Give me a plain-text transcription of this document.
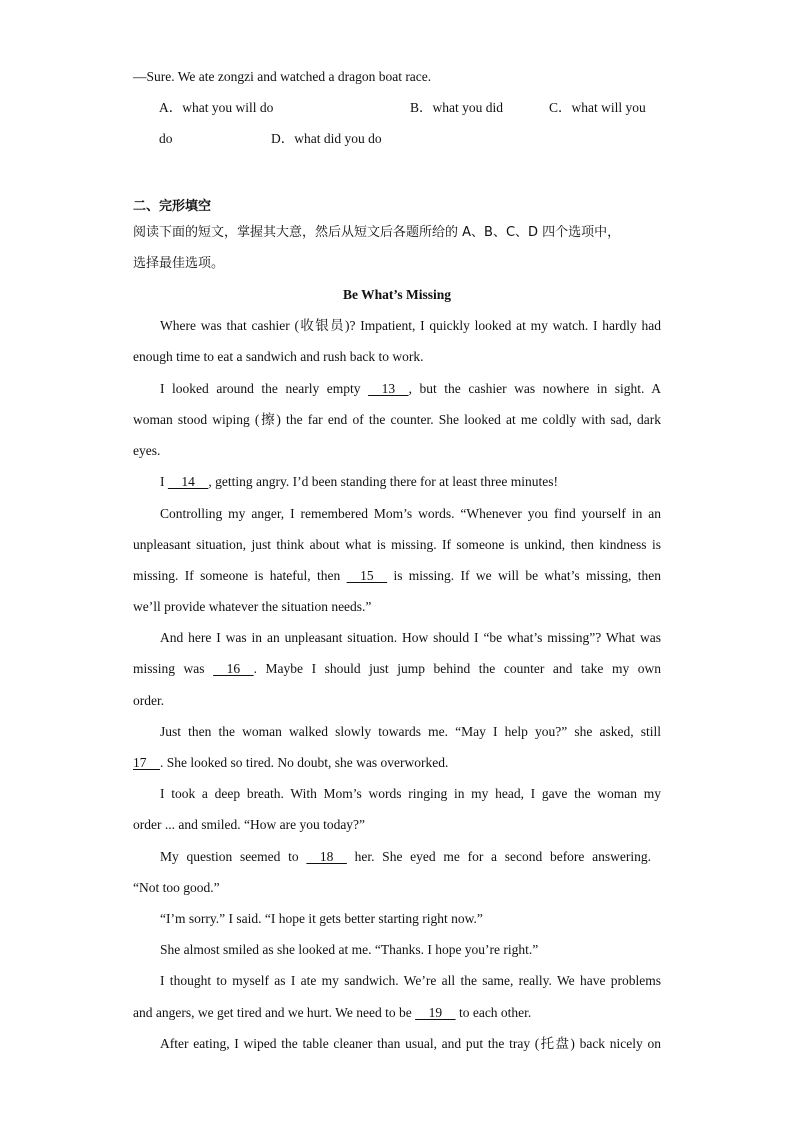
—Sure. We ate zongzi and watched a dragon boat race.
A．what you will do	B．what you did	C．what will you
do	D．what did you do
二、完形填空
阅读下面的短文，掌握其大意，然后从短文后各题所给的 A、B、C、D 四个选项中，
选择最佳选项。
Be What’s Missing
Where was that cashier (收银员)? Impatient, I quickly looked at my watch. I hardly had
enough time to eat a sandwich and rush back to work.
I looked around the nearly empty     13    , but the cashier was nowhere in sight. A
woman stood wiping (擦) the far end of the counter. She looked at me coldly with sad, dark
eyes.
I     14    , getting angry. I’d been standing there for at least three minutes!
Controlling my anger, I remembered Mom’s words. “Whenever you find yourself in an
unpleasant situation, just think about what is missing. If someone is unkind, then kindness is
missing. If someone is hateful, then     15     is missing. If we will be what’s missing, then
we’ll provide whatever the situation needs.”
And here I was in an unpleasant situation. How should I “be what’s missing”? What was
missing was     16    . Maybe I should just jump behind the counter and take my own
order.
Just then the woman walked slowly towards me. “May I help you?” she asked, still
17    . She looked so tired. No doubt, she was overworked.
I took a deep breath. With Mom’s words ringing in my head, I gave the woman my
order ... and smiled. “How are you today?”
My question seemed to     18     her. She eyed me for a second before answering.
“Not too good.”
“I’m sorry.” I said. “I hope it gets better starting right now.”
She almost smiled as she looked at me. “Thanks. I hope you’re right.”
I thought to myself as I ate my sandwich. We’re all the same, really. We have problems
and angers, we get tired and we hurt. We need to be     19     to each other.
After eating, I wiped the table cleaner than usual, and put the tray (托盘) back nicely on
